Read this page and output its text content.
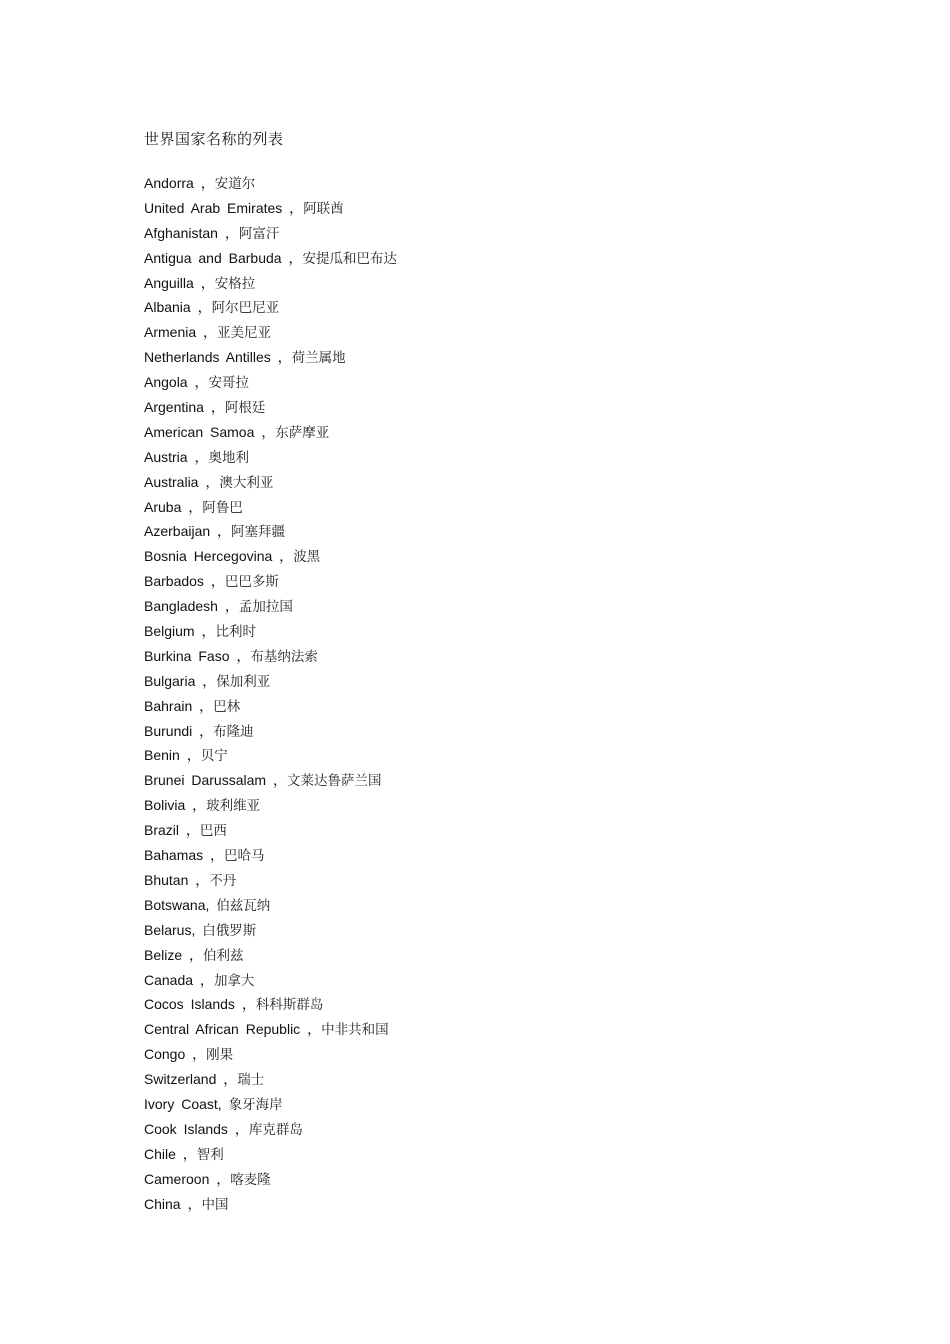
世界国家名称的列表
Andorra ，安道尔
United Arab Emirates ，阿联酋
Afghanistan ，阿富汗
Antigua and Barbuda ，安提瓜和巴布达
Anguilla ，安格拉
Albania ，阿尔巴尼亚
Armenia ，亚美尼亚
Netherlands Antilles ，荷兰属地
Angola ，安哥拉
Argentina ，阿根廷
American Samoa ，东萨摩亚
Austria ，奥地利
Australia ，澳大利亚
Aruba ，阿鲁巴
Azerbaijan ，阿塞拜疆
Bosnia Hercegovina ，波黑
Barbados ，巴巴多斯
Bangladesh ，孟加拉国
Belgium ，比利时
Burkina Faso ，布基纳法索
Bulgaria ，保加利亚
Bahrain ，巴林
Burundi ，布隆迪
Benin ，贝宁
Brunei Darussalam ，文莱达鲁萨兰国
Bolivia ，玻利维亚
Brazil ，巴西
Bahamas ，巴哈马
Bhutan ，不丹
Botswana, 伯兹瓦纳
Belarus, 白俄罗斯
Belize ，伯利兹
Canada ，加拿大
Cocos Islands ，科科斯群岛
Central African Republic ，中非共和国
Congo ，刚果
Switzerland ，瑞士
Ivory Coast, 象牙海岸
Cook Islands ，库克群岛
Chile ，智利
Cameroon ，喀麦隆
China ，中国
